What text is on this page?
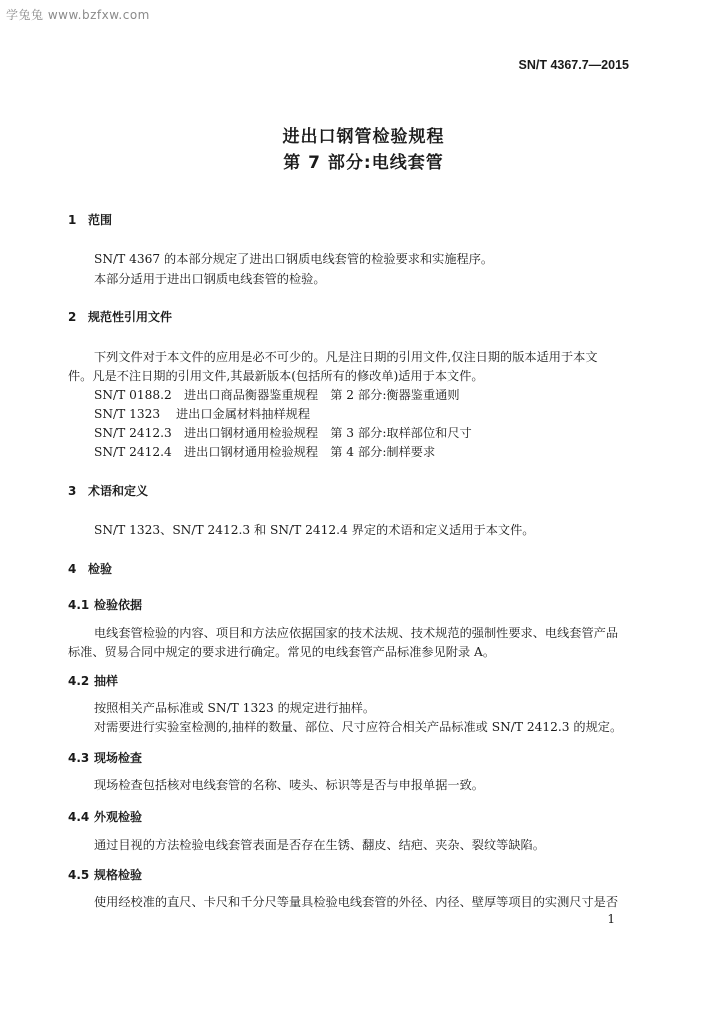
学兔兔 www.bzfxw.com
SN/T 4367.7—2015
进出口钢管检验规程
第 7 部分:电线套管
1 范围
SN/T 4367 的本部分规定了进出口钢质电线套管的检验要求和实施程序。
本部分适用于进出口钢质电线套管的检验。
2 规范性引用文件
下列文件对于本文件的应用是必不可少的。凡是注日期的引用文件,仅注日期的版本适用于本文
件。凡是不注日期的引用文件,其最新版本(包括所有的修改单)适用于本文件。
SN/T 0188.2 进出口商品衡器鉴重规程　第 2 部分:衡器鉴重通则
SN/T 1323 进出口金属材料抽样规程
SN/T 2412.3 进出口钢材通用检验规程　第 3 部分:取样部位和尺寸
SN/T 2412.4 进出口钢材通用检验规程　第 4 部分:制样要求
3 术语和定义
SN/T 1323、SN/T 2412.3 和 SN/T 2412.4 界定的术语和定义适用于本文件。
4 检验
4.1 检验依据
电线套管检验的内容、项目和方法应依据国家的技术法规、技术规范的强制性要求、电线套管产品
标准、贸易合同中规定的要求进行确定。常见的电线套管产品标准参见附录 A。
4.2 抽样
按照相关产品标准或 SN/T 1323 的规定进行抽样。
对需要进行实验室检测的,抽样的数量、部位、尺寸应符合相关产品标准或 SN/T 2412.3 的规定。
4.3 现场检查
现场检查包括核对电线套管的名称、唛头、标识等是否与申报单据一致。
4.4 外观检验
通过目视的方法检验电线套管表面是否存在生锈、翻皮、结疤、夹杂、裂纹等缺陷。
4.5 规格检验
使用经校准的直尺、卡尺和千分尺等量具检验电线套管的外径、内径、壁厚等项目的实测尺寸是否
1
